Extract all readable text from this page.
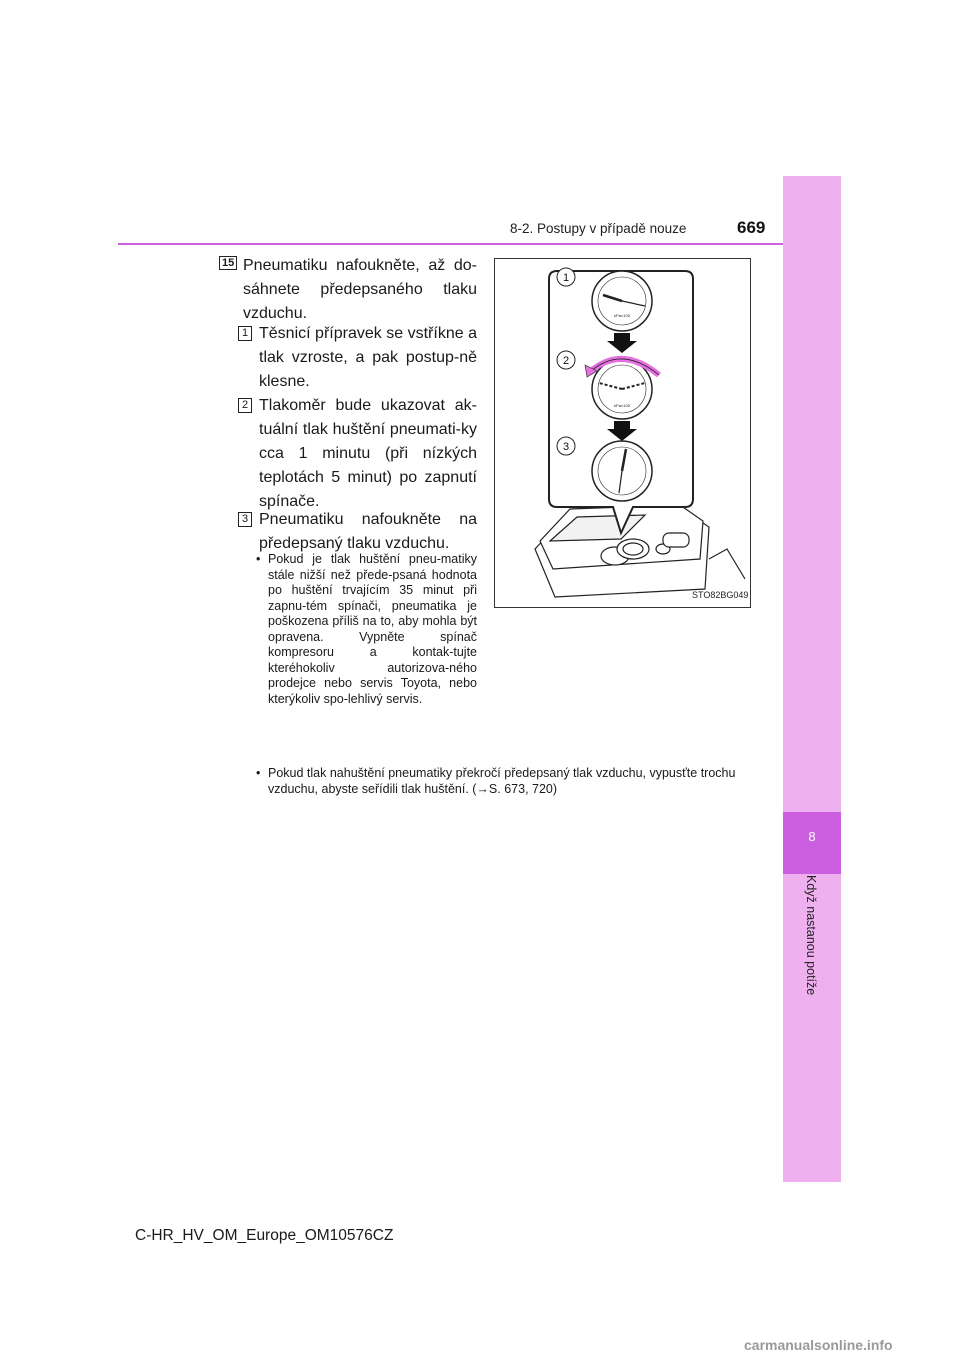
8-2. Postupy v případě nouze	669
8
Když nastanou potíže
15 Pneumatiku nafoukněte, až do-sáhnete předepsaného tlaku vzduchu.
1 Těsnicí přípravek se vstříkne a tlak vzroste, a pak postup-ně klesne.
2 Tlakoměr bude ukazovat ak-tuální tlak huštění pneumati-ky cca 1 minutu (při nízkých teplotách 5 minut) po zapnutí spínače.
3 Pneumatiku nafoukněte na předepsaný tlaku vzduchu.
• Pokud je tlak huštění pneu-matiky stále nižší než přede-psaná hodnota po huštění trvajícím 35 minut při zapnu-tém spínači, pneumatika je poškozena příliš na to, aby mohla být opravena. Vypněte spínač kompresoru a kontak-tujte kteréhokoliv autorizova-ného prodejce nebo servis Toyota, nebo kterýkoliv spo-lehlivý servis.
• Pokud tlak nahuštění pneumatiky překročí předepsaný tlak vzduchu, vypusťte trochu vzduchu, abyste seřídili tlak huštění. (→S. 673, 720)
kPa×100
kPa×100
1
2
3
STO82BG049
C-HR_HV_OM_Europe_OM10576CZ
carmanualsonline.info
